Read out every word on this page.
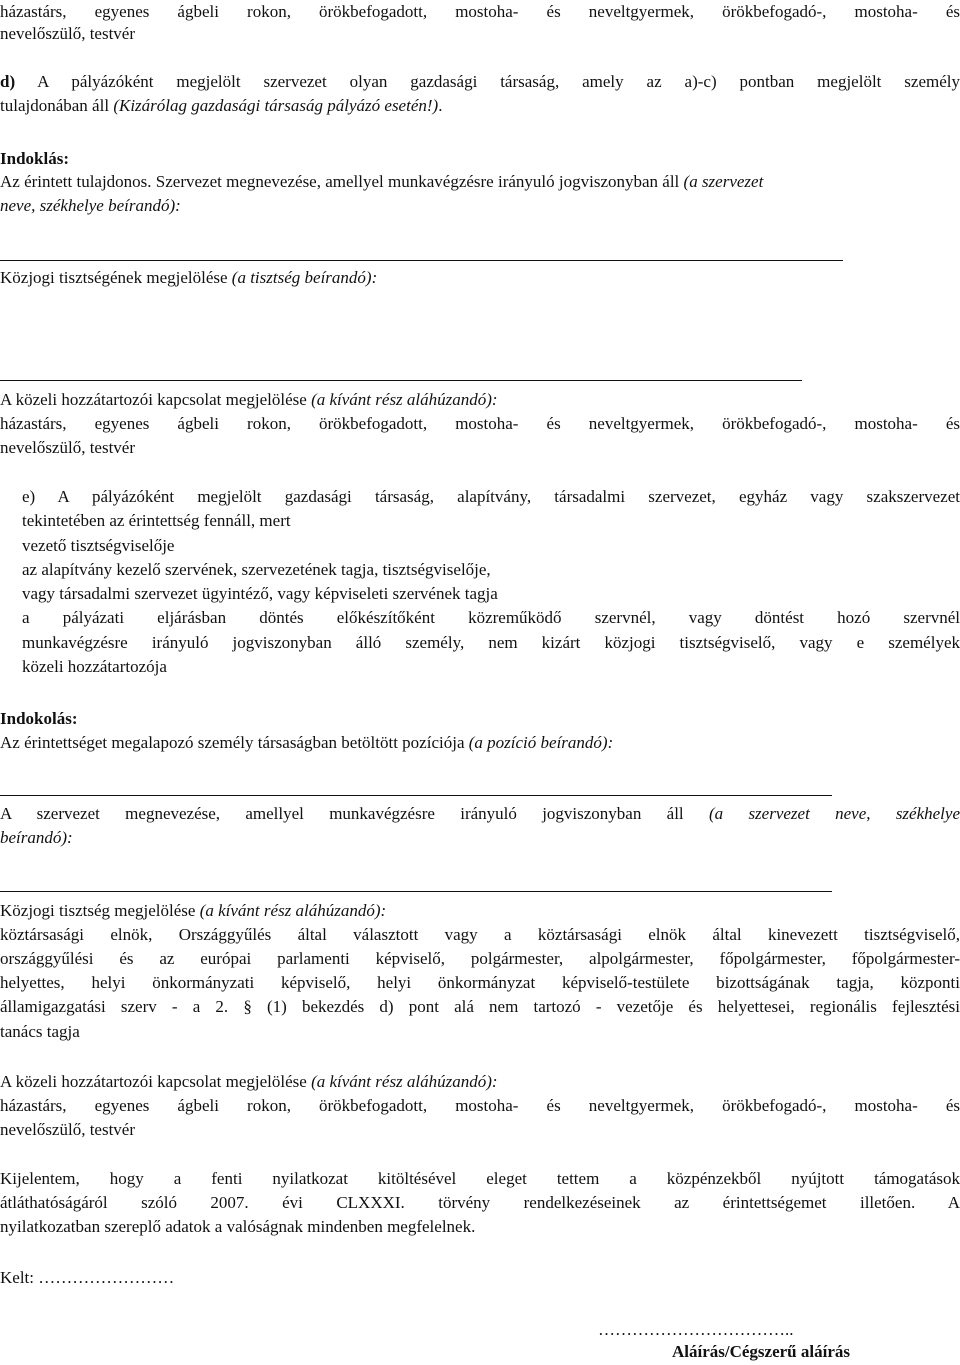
házastárs, egyenes ágbeli rokon, örökbefogadott, mostoha- és neveltgyermek, örökbefogadó-, mostoha- és
nevelőszülő, testvér
d) A pályázóként megjelölt szervezet olyan gazdasági társaság, amely az a)-c) pontban megjelölt személy
tulajdonában áll (Kizárólag gazdasági társaság pályázó esetén!).
Indoklás:
Az érintett tulajdonos. Szervezet megnevezése, amellyel munkavégzésre irányuló jogviszonyban áll (a szervezet
neve, székhelye beírandó):
Közjogi tisztségének megjelölése (a tisztség beírandó):
A közeli hozzátartozói kapcsolat megjelölése (a kívánt rész aláhúzandó):
házastárs, egyenes ágbeli rokon, örökbefogadott, mostoha- és neveltgyermek, örökbefogadó-, mostoha- és
nevelőszülő, testvér
e) A pályázóként megjelölt gazdasági társaság, alapítvány, társadalmi szervezet, egyház vagy szakszervezet
tekintetében az érintettség fennáll, mert
vezető tisztségviselője
az alapítvány kezelő szervének, szervezetének tagja, tisztségviselője,
vagy társadalmi szervezet ügyintéző, vagy képviseleti szervének tagja
a pályázati eljárásban döntés előkészítőként közreműködő szervnél, vagy döntést hozó szervnél
munkavégzésre irányuló jogviszonyban álló személy, nem kizárt közjogi tisztségviselő, vagy e személyek
közeli hozzátartozója
Indokolás:
Az érintettséget megalapozó személy társaságban betöltött pozíciója (a pozíció beírandó):
A szervezet megnevezése, amellyel munkavégzésre irányuló jogviszonyban áll (a szervezet neve, székhelye
beírandó):
Közjogi tisztség megjelölése (a kívánt rész aláhúzandó):
köztársasági elnök, Országgyűlés által választott vagy a köztársasági elnök által kinevezett tisztségviselő,
országgyűlési és az európai parlamenti képviselő, polgármester, alpolgármester, főpolgármester, főpolgármester-
helyettes, helyi önkormányzati képviselő, helyi önkormányzat képviselő-testülete bizottságának tagja, központi
államigazgatási szerv - a 2. § (1) bekezdés d) pont alá nem tartozó - vezetője és helyettesei, regionális fejlesztési
tanács tagja
A közeli hozzátartozói kapcsolat megjelölése (a kívánt rész aláhúzandó):
házastárs, egyenes ágbeli rokon, örökbefogadott, mostoha- és neveltgyermek, örökbefogadó-, mostoha- és
nevelőszülő, testvér
Kijelentem, hogy a fenti nyilatkozat kitöltésével eleget tettem a közpénzekből nyújtott támogatások
átláthatóságáról szóló 2007. évi CLXXXI. törvény rendelkezéseinek az érintettségemet illetően. A
nyilatkozatban szereplő adatok a valóságnak mindenben megfelelnek.
Kelt: ……………………
……………………………..
Aláírás/Cégszerű aláírás
